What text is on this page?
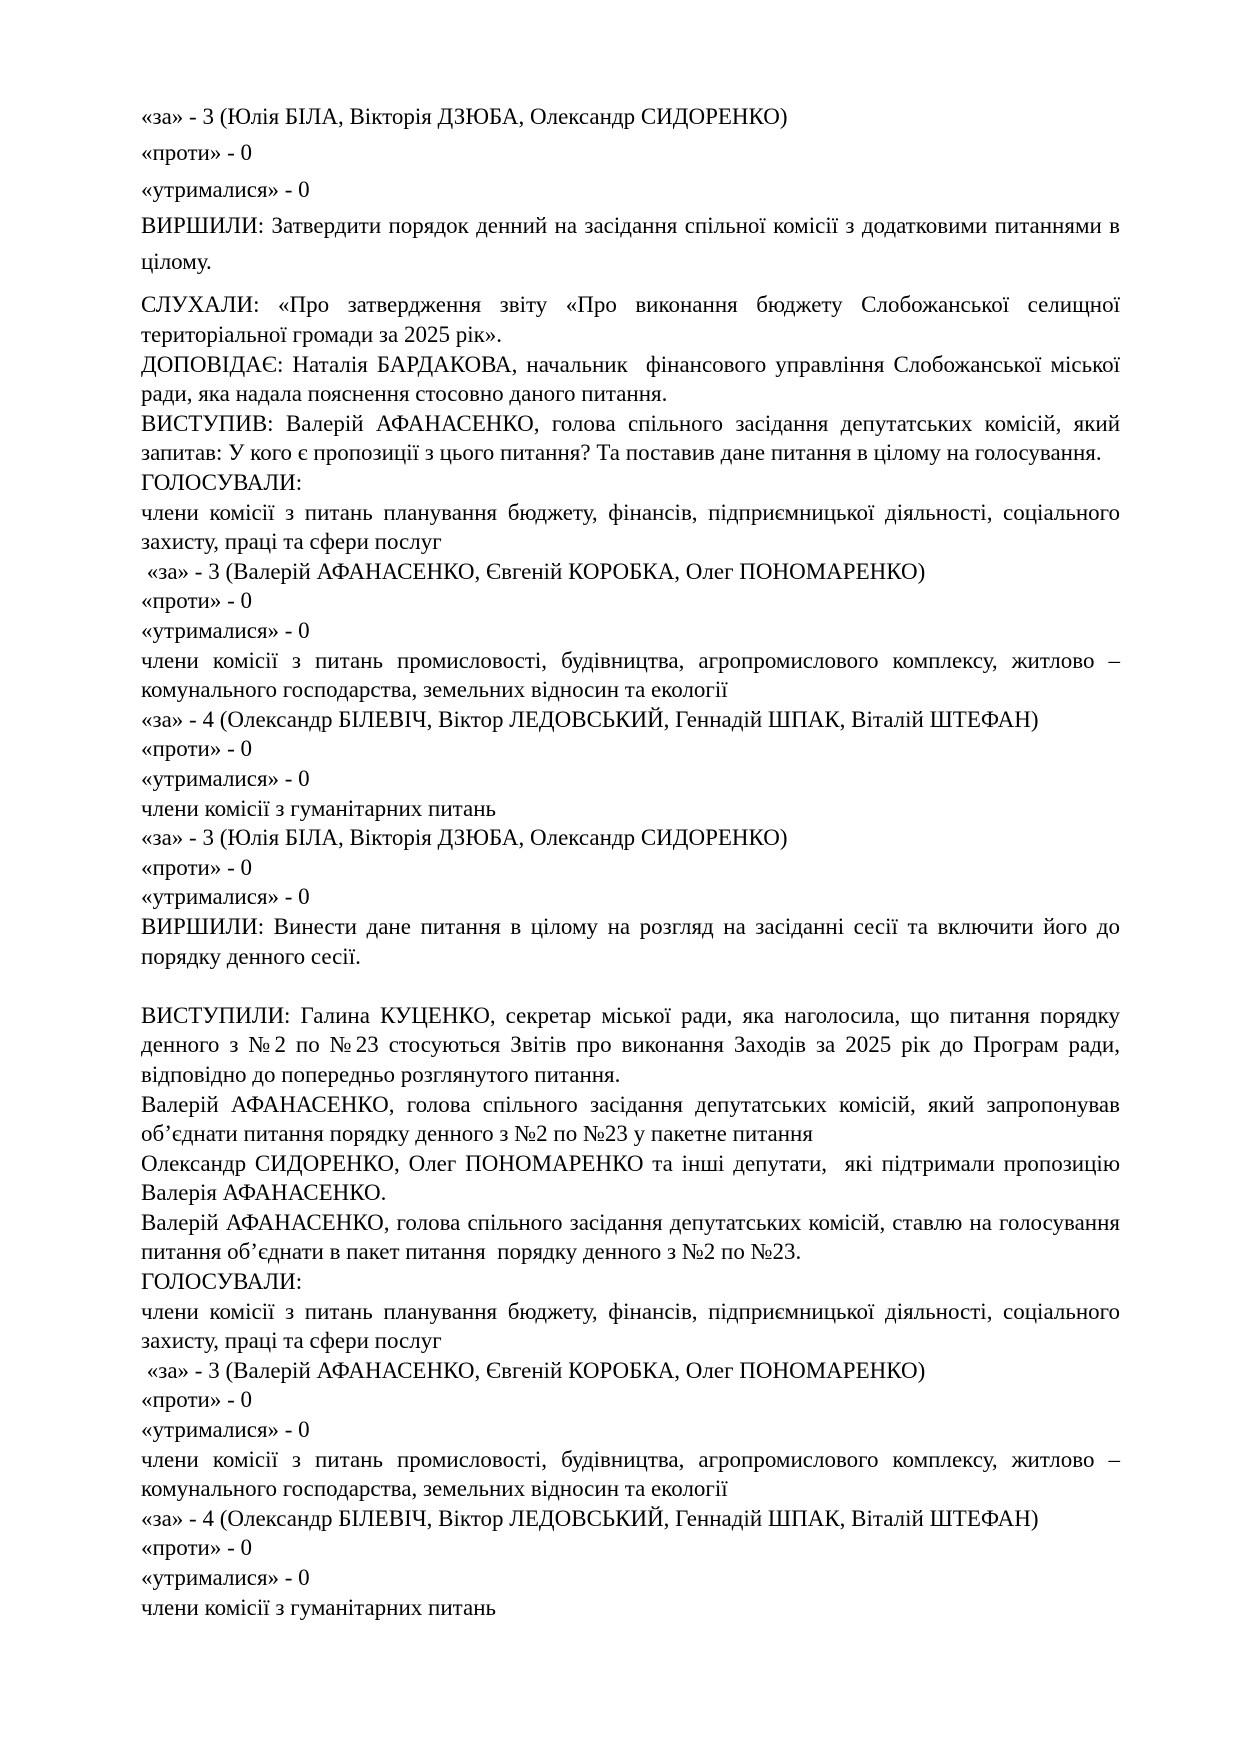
«за» - 3 (Юлія БІЛА, Вікторія ДЗЮБА, Олександр СИДОРЕНКО)

«проти» - 0

«утрималися» - 0

ВИРШИЛИ: Затвердити порядок денний на засідання спільної комісії з додатковими питаннями в цілому.

СЛУХАЛИ: «Про затвердження звіту «Про виконання бюджету Слобожанської селищної територіальної громади за 2025 рік».

ДОПОВІДАЄ: Наталія БАРДАКОВА, начальник  фінансового управління Слобожанської міської ради, яка надала пояснення стосовно даного питання.

ВИСТУПИВ: Валерій АФАНАСЕНКО, голова спільного засідання депутатських комісій, який запитав: У кого є пропозиції з цього питання? Та поставив дане питання в цілому на голосування.

ГОЛОСУВАЛИ:

члени комісії з питань планування бюджету, фінансів, підприємницької діяльності, соціального захисту, праці та сфери послуг

«за» - 3 (Валерій АФАНАСЕНКО, Євгеній КОРОБКА, Олег ПОНОМАРЕНКО)

«проти» - 0

«утрималися» - 0

члени комісії з питань промисловості, будівництва, агропромислового комплексу, житлово – комунального господарства, земельних відносин та екології

«за» - 4 (Олександр БІЛЕВІЧ, Віктор ЛЕДОВСЬКИЙ, Геннадій ШПАК, Віталій ШТЕФАН)

«проти» - 0

«утрималися» - 0

члени комісії з гуманітарних питань

«за» - 3 (Юлія БІЛА, Вікторія ДЗЮБА, Олександр СИДОРЕНКО)

«проти» - 0

«утрималися» - 0

ВИРШИЛИ: Винести дане питання в цілому на розгляд на засіданні сесії та включити його до порядку денного сесії.

ВИСТУПИЛИ: Галина КУЦЕНКО, секретар міської ради, яка наголосила, що питання порядку денного з №2 по №23 стосуються Звітів про виконання Заходів за 2025 рік до Програм ради, відповідно до попередньо розглянутого питання.

Валерій АФАНАСЕНКО, голова спільного засідання депутатських комісій, який запропонував об’єднати питання порядку денного з №2 по №23 у пакетне питання

Олександр СИДОРЕНКО, Олег ПОНОМАРЕНКО та інші депутати,  які підтримали пропозицію Валерія АФАНАСЕНКО.

Валерій АФАНАСЕНКО, голова спільного засідання депутатських комісій, ставлю на голосування питання об’єднати в пакет питання  порядку денного з №2 по №23.

ГОЛОСУВАЛИ:

члени комісії з питань планування бюджету, фінансів, підприємницької діяльності, соціального захисту, праці та сфери послуг

«за» - 3 (Валерій АФАНАСЕНКО, Євгеній КОРОБКА, Олег ПОНОМАРЕНКО)

«проти» - 0

«утрималися» - 0

члени комісії з питань промисловості, будівництва, агропромислового комплексу, житлово – комунального господарства, земельних відносин та екології

«за» - 4 (Олександр БІЛЕВІЧ, Віктор ЛЕДОВСЬКИЙ, Геннадій ШПАК, Віталій ШТЕФАН)

«проти» - 0

«утрималися» - 0

члени комісії з гуманітарних питань
